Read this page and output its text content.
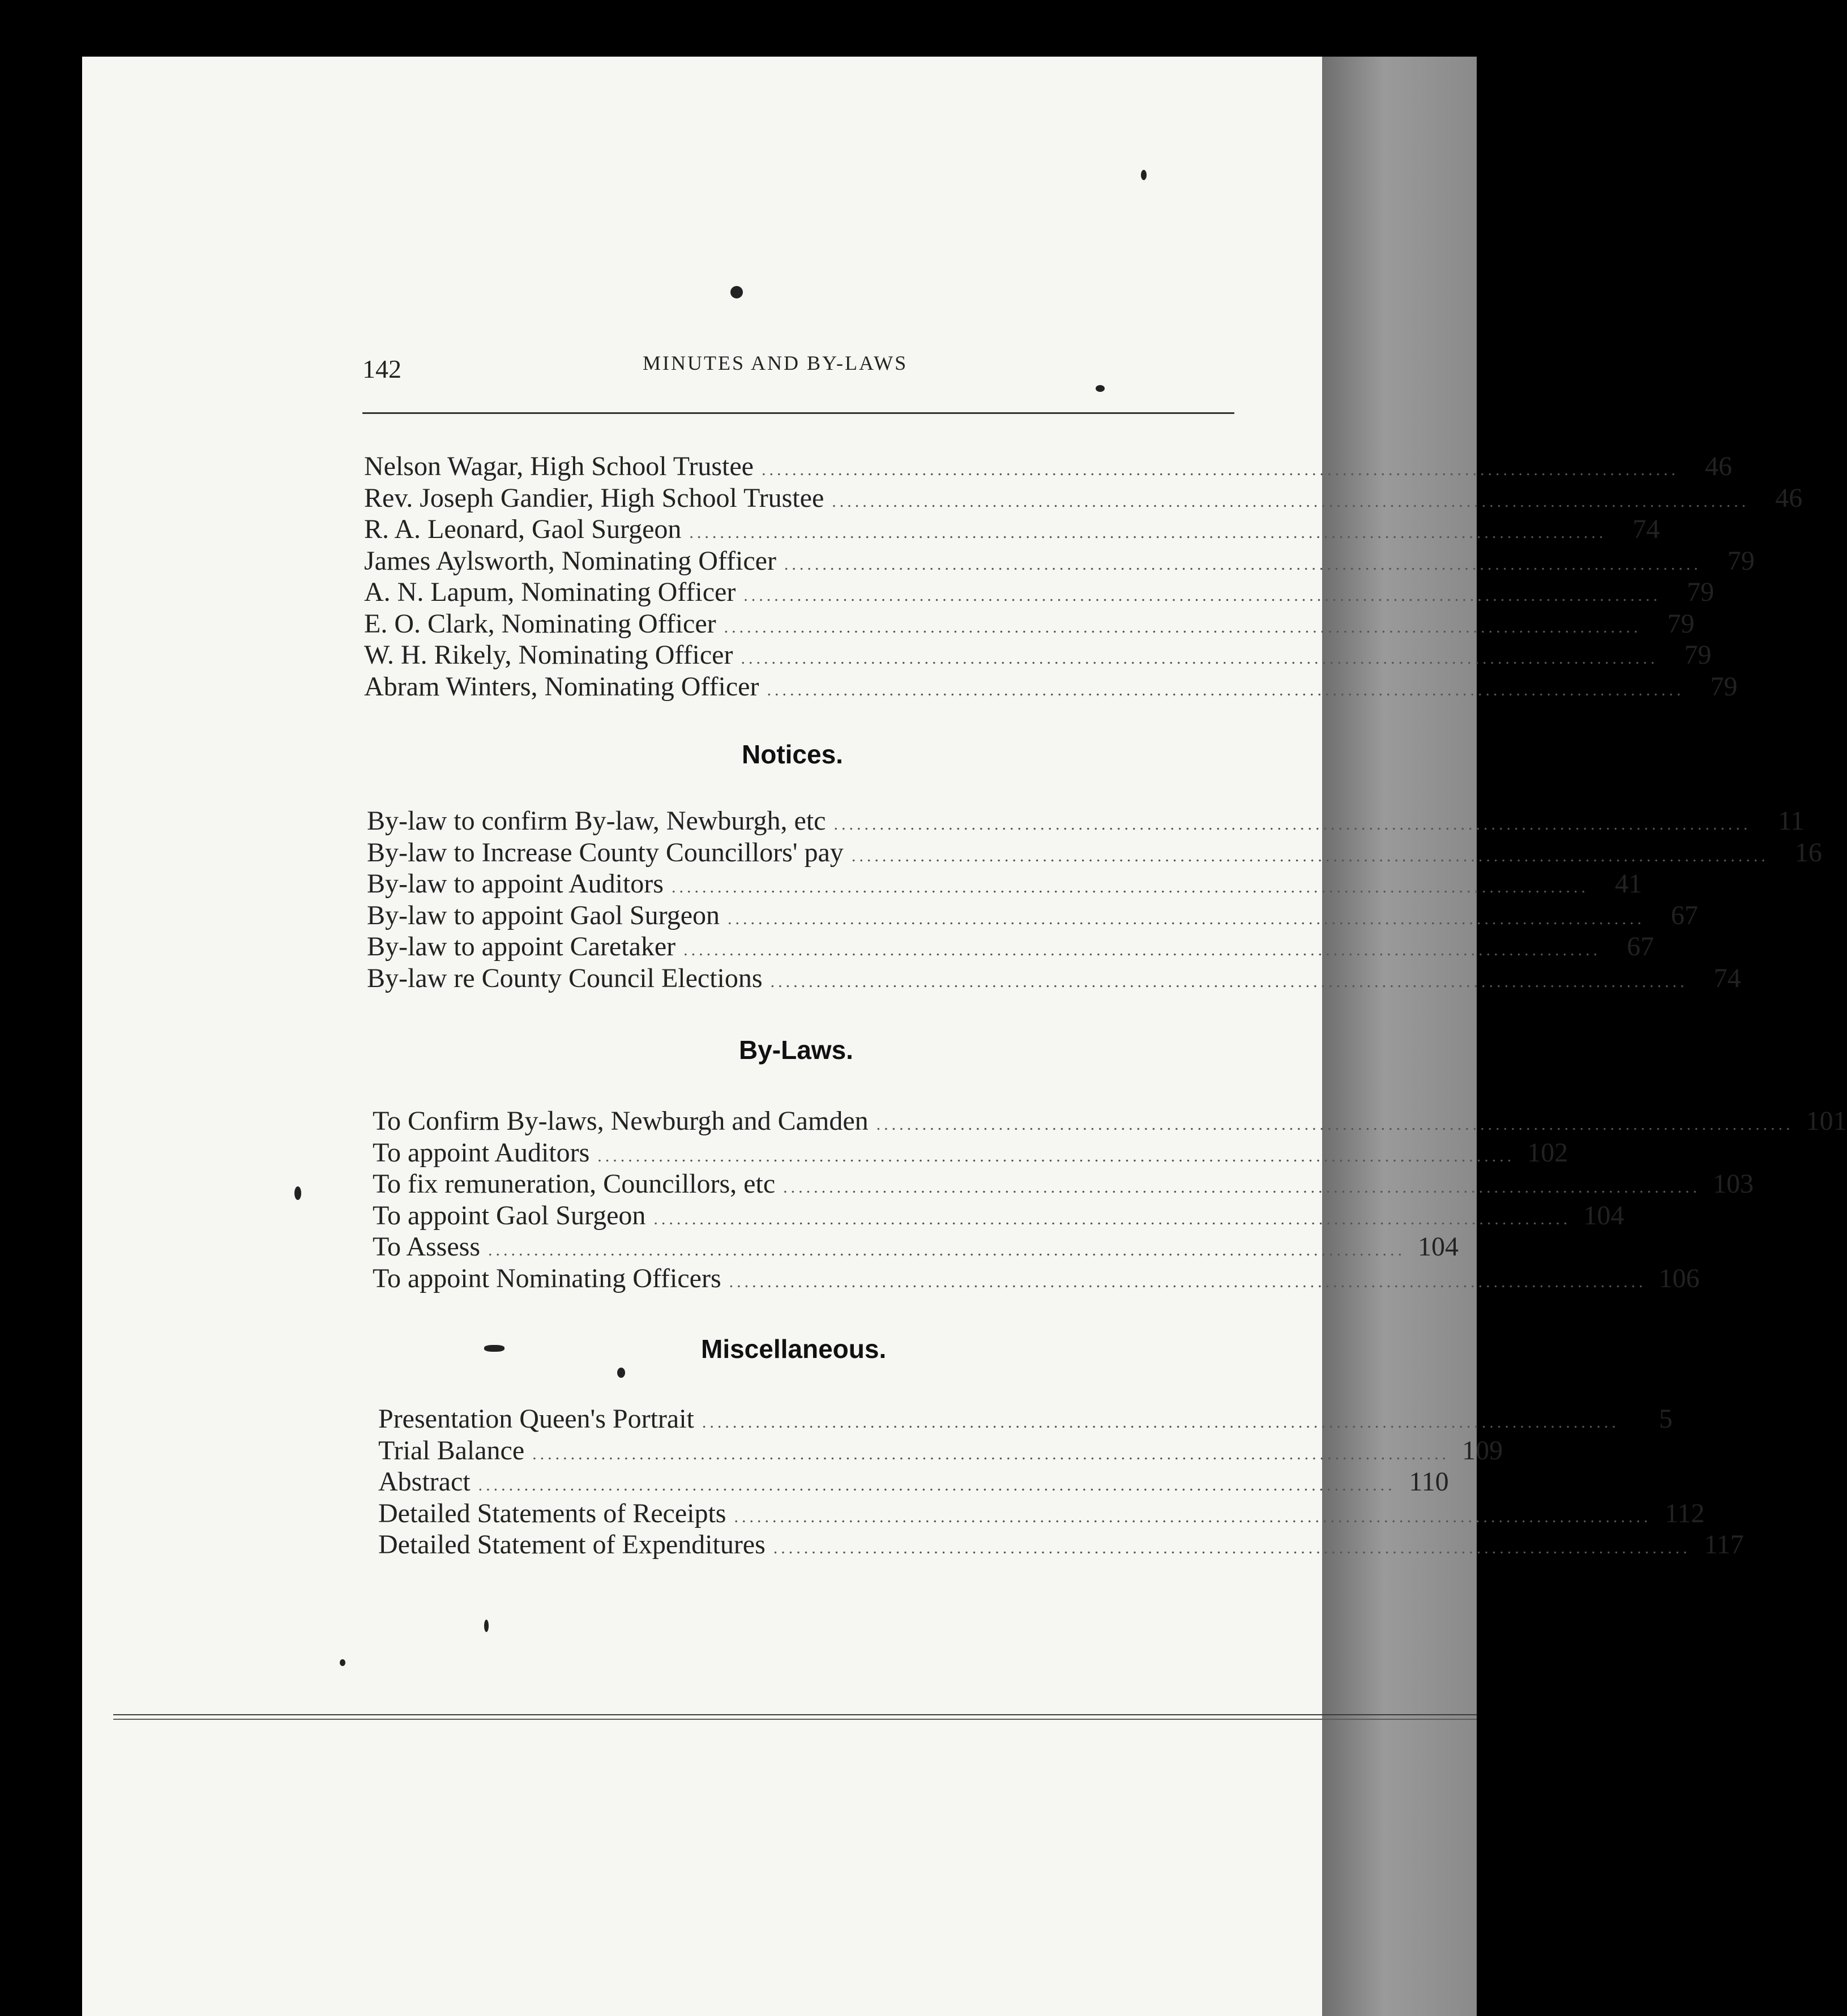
142	MINUTES AND BY-LAWS
Nelson Wagar, High School Trustee ........................................................................................................................ 46
Rev. Joseph Gandier, High School Trustee ........................................................................................................................ 46
R. A. Leonard, Gaol Surgeon ........................................................................................................................ 74
James Aylsworth, Nominating Officer ........................................................................................................................ 79
A. N. Lapum, Nominating Officer ........................................................................................................................ 79
E. O. Clark, Nominating Officer ........................................................................................................................ 79
W. H. Rikely, Nominating Officer ........................................................................................................................ 79
Abram Winters, Nominating Officer ........................................................................................................................ 79
Notices.
By-law to confirm By-law, Newburgh, etc ........................................................................................................................ 11
By-law to Increase County Councillors' pay ........................................................................................................................ 16
By-law to appoint Auditors ........................................................................................................................ 41
By-law to appoint Gaol Surgeon ........................................................................................................................ 67
By-law to appoint Caretaker ........................................................................................................................ 67
By-law re County Council Elections ........................................................................................................................ 74
By-Laws.
To Confirm By-laws, Newburgh and Camden ........................................................................................................................ 101
To appoint Auditors ........................................................................................................................ 102
To fix remuneration, Councillors, etc ........................................................................................................................ 103
To appoint Gaol Surgeon ........................................................................................................................ 104
To Assess ........................................................................................................................ 104
To appoint Nominating Officers ........................................................................................................................ 106
Miscellaneous.
Presentation Queen's Portrait ........................................................................................................................	5
Trial Balance ........................................................................................................................ 109
Abstract ........................................................................................................................ 110
Detailed Statements of Receipts ........................................................................................................................ 112
Detailed Statement of Expenditures ........................................................................................................................ 117
